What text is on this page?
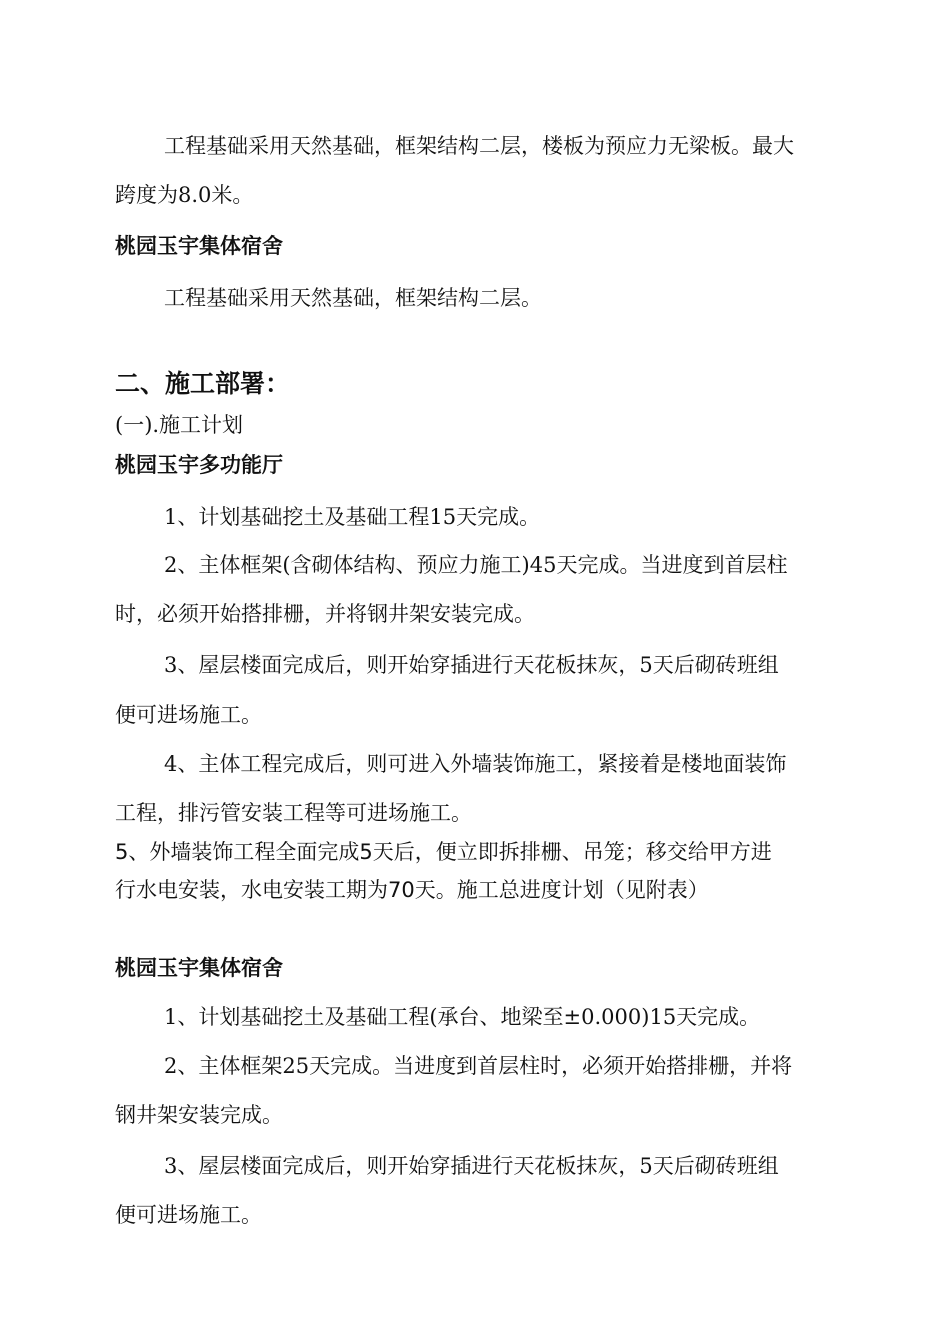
工程基础采用天然基础，框架结构二层，楼板为预应力无梁板。最大
跨度为8.0米。
桃园玉宇集体宿舍
工程基础采用天然基础，框架结构二层。
二、施工部署：
(一).施工计划
桃园玉宇多功能厅
1、计划基础挖土及基础工程15天完成。
2、主体框架(含砌体结构、预应力施工)45天完成。当进度到首层柱
时，必须开始搭排栅，并将钢井架安装完成。
3、屋层楼面完成后，则开始穿插进行天花板抹灰，5天后砌砖班组
便可进场施工。
4、主体工程完成后，则可进入外墙装饰施工，紧接着是楼地面装饰
工程，排污管安装工程等可进场施工。
5、外墙装饰工程全面完成5天后，便立即拆排栅、吊笼；移交给甲方进
行水电安装，水电安装工期为70天。施工总进度计划（见附表）
桃园玉宇集体宿舍
1、计划基础挖土及基础工程(承台、地梁至±0.000)15天完成。
2、主体框架25天完成。当进度到首层柱时，必须开始搭排栅，并将
钢井架安装完成。
3、屋层楼面完成后，则开始穿插进行天花板抹灰，5天后砌砖班组
便可进场施工。
